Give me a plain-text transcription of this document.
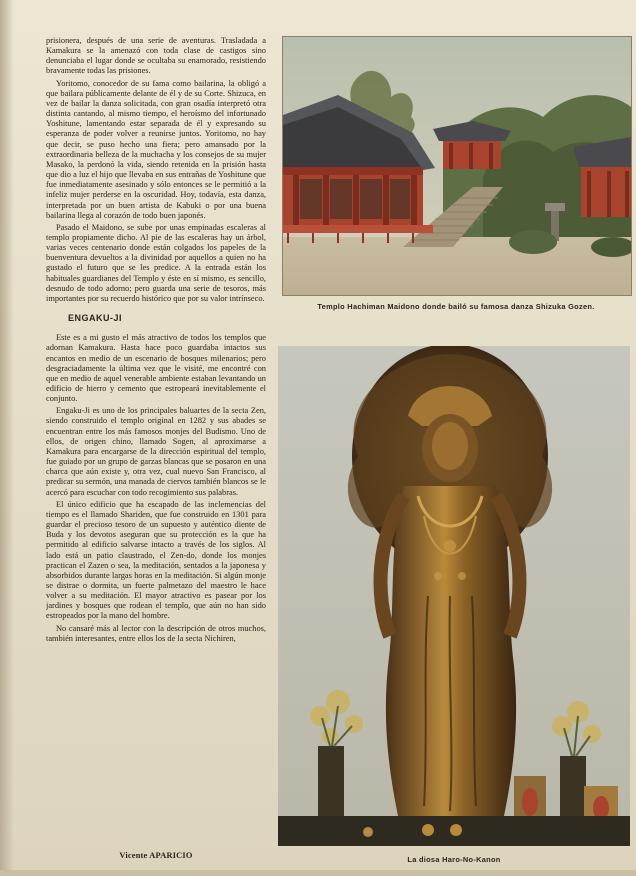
prisionera, después de una serie de aventuras. Trasladada a Kamakura se la amenazó con toda clase de castigos sino denunciaba el lugar donde se ocultaba su enamorado, resistiendo bravamente todas las prisiones.

Yoritomo, conocedor de su fama como bailarina, la obligó a que bailara públicamente delante de él y de su Corte. Shizuca, en vez de bailar la danza solicitada, con gran osadía interpretó otra distinta cantando, al mismo tiempo, el heroísmo del infortunado Yoshitune, lamentando estar separada de él y expresando su esperanza de poder volver a reunirse juntos. Yoritomo, no hay que decir, se puso hecho una fiera; pero amansado por la extraordinaria belleza de la muchacha y los consejos de su mujer Masako, la perdonó la vida, siendo retenida en la prisión hasta que dio a luz el hijo que llevaba en sus entrañas de Yoshitune que fue inmediatamente asesinado y sólo entonces se le permitió a la infeliz mujer perderse en la oscuridad. Hoy, todavía, esta danza, interpretada por un buen artista de Kabuki o por una buena bailarina llega al corazón de todo buen japonés.

Pasado el Maidono, se sube por unas empinadas escaleras al templo propiamente dicho. Al pie de las escaleras hay un árbol, varias veces centenario donde están colgados los papeles de la buenventura devueltos a la divinidad por aquellos a quien no ha gustado el futuro que se les predice. A la entrada están los habituales guardianes del Templo y éste en sí mismo, es sencillo, desnudo de todo adorno; pero guarda una serie de tesoros, más importantes por su recuerdo histórico que por su valor intrínseco.

ENGAKU-JI

Este es a mi gusto el más atractivo de todos los templos que adornan Kamakura. Hasta hace poco guardaba intactos sus encantos en medio de un escenario de bosques milenarios; pero desgraciadamente la última vez que le visité, me encontré con que en medio de aquel venerable ambiente estaban levantando un edificio de hierro y cemento que estropeará inevitablemente el conjunto.

Engaku-Ji es uno de los principales baluartes de la secta Zen, siendo construido el templo original en 1282 y sus abades se encuentran entre los más famosos monjes del Budismo. Uno de ellos, de origen chino, llamado Sogen, al aproximarse a Kamakura para encargarse de la dirección espiritual del templo, fue guiado por un grupo de garzas blancas que se posaron en una charca que aún existe y, otra vez, cual nuevo San Francisco, al predicar su sermón, una manada de ciervos también blancos se le acercó para escuchar con todo recogimiento sus palabras.

El único edificio que ha escapado de las inclemencias del tiempo es el llamado Shariden, que fue construido en 1301 para guardar el precioso tesoro de un supuesto y auténtico diente de Buda y los devotos aseguran que su protección es la que ha permitido al edificio salvarse intacto a través de los siglos. Al lado está un patio claustrado, el Zen-do, donde los monjes practican el Zazen o sea, la meditación, sentados a la japonesa y absorbidos durante largas horas en la meditación. Si algún monje se distrae o dormita, un fuerte palmetazo del maestro le hace volver a su meditación. El mayor atractivo es pasear por los jardines y bosques que rodean el templo, que aún no han sido estropeados por la mano del hombre.

No cansaré más al lector con la descripción de otros muchos, también interesantes, entre ellos los de la secta Nichiren,

Vicente APARICIO
Templo Hachiman Maidono donde bailó su famosa danza Shizuka Gozen.
La diosa Haro-No-Kanon
